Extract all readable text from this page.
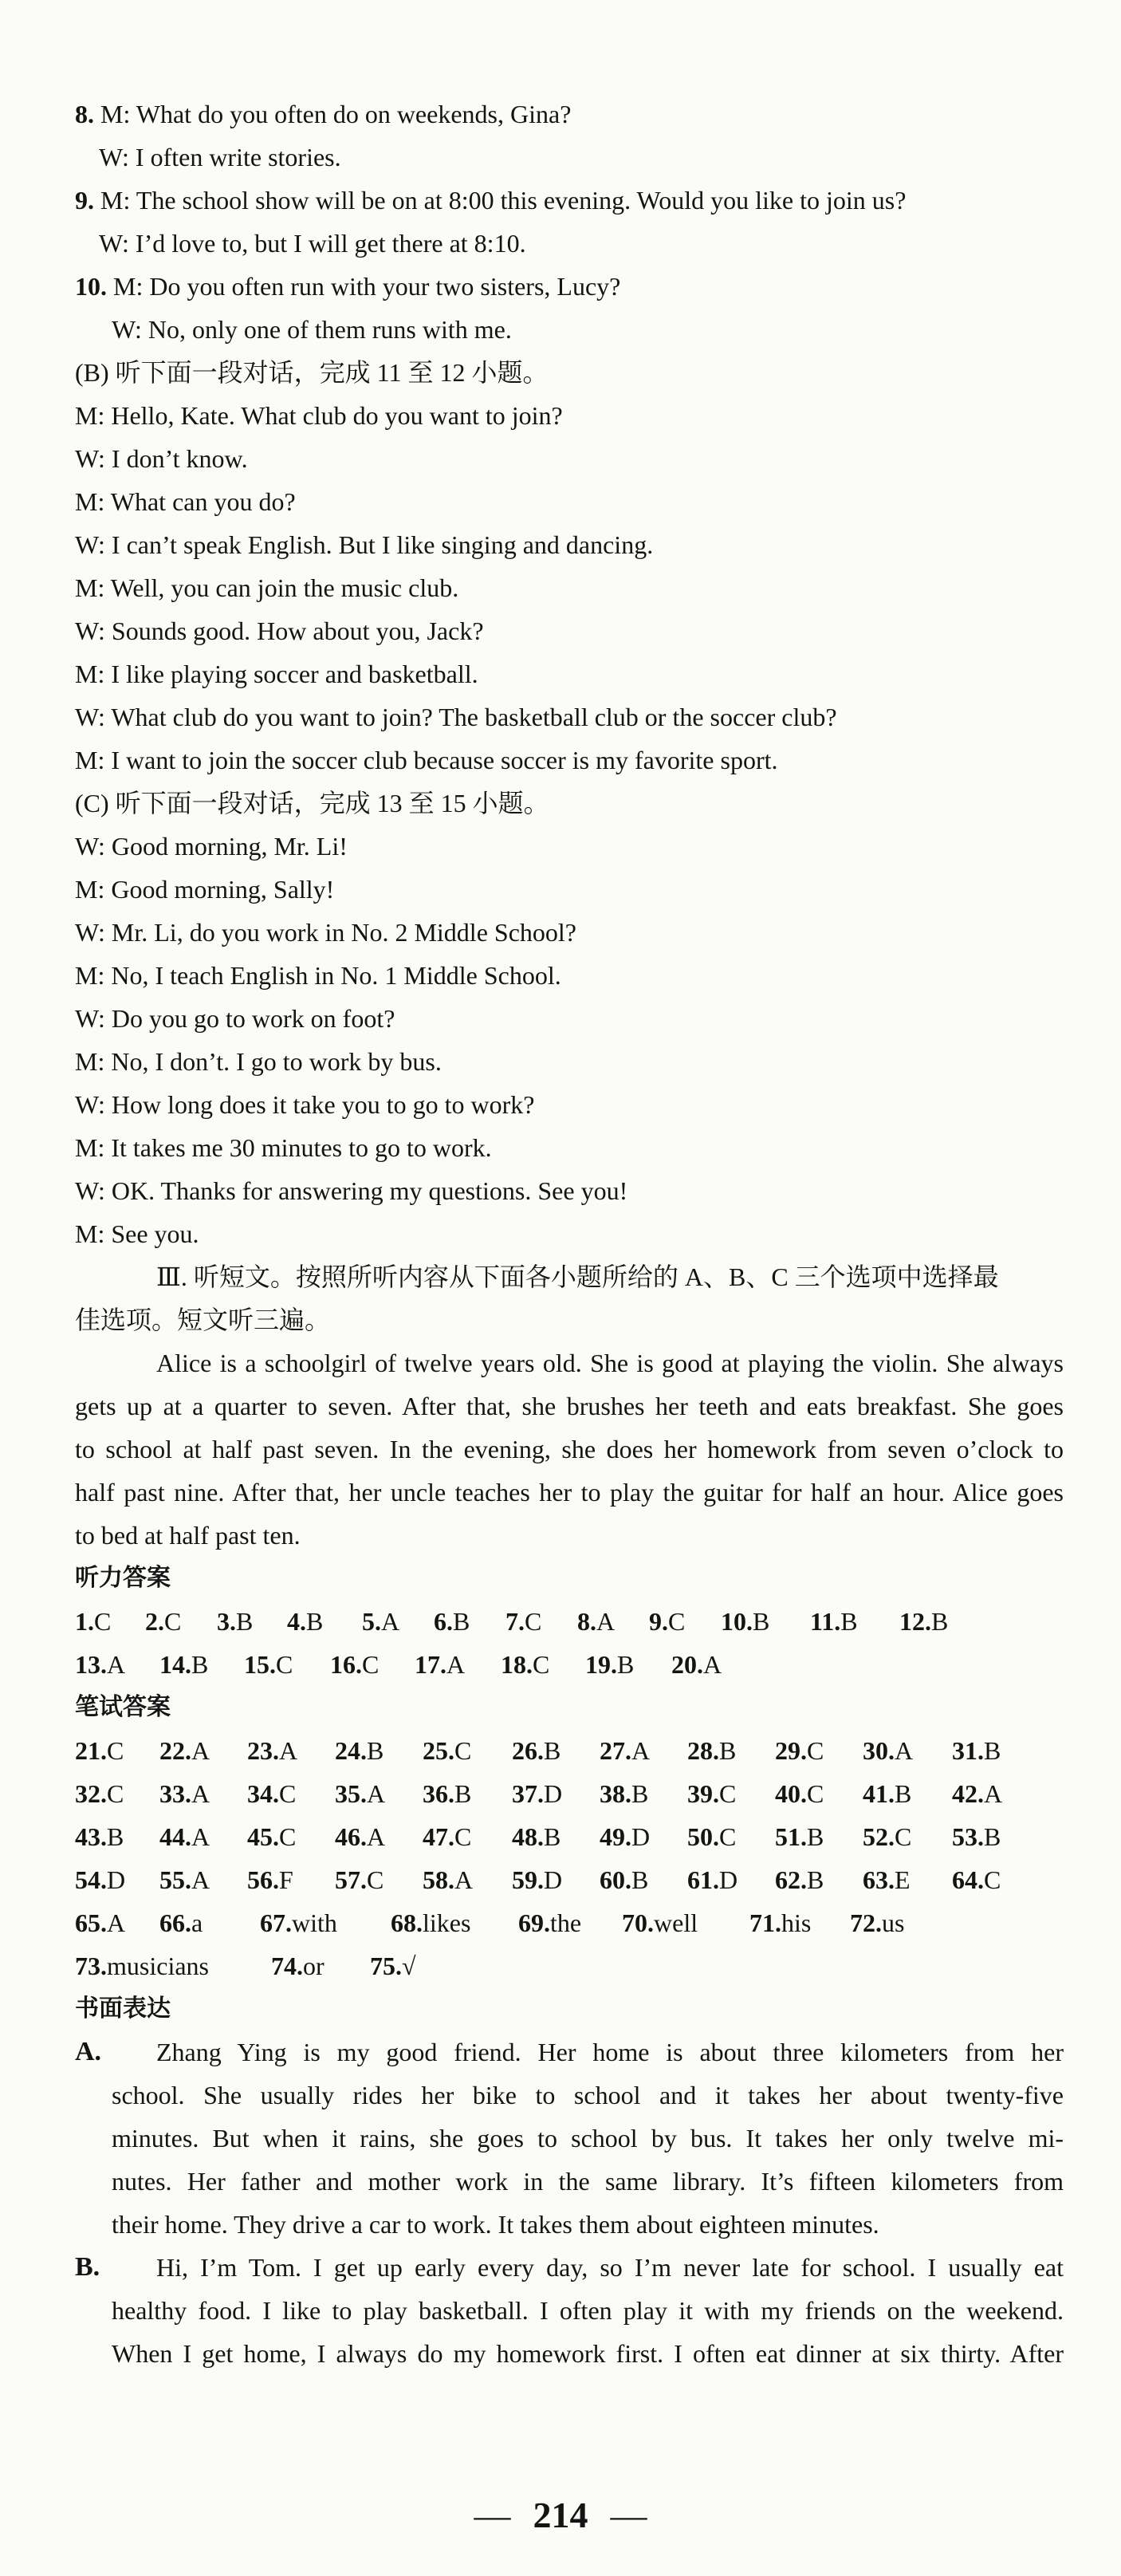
8. M: What do you often do on weekends, Gina?
W: I often write stories.
9. M: The school show will be on at 8:00 this evening. Would you like to join us?
W: I’d love to, but I will get there at 8:10.
10. M: Do you often run with your two sisters, Lucy?
W: No, only one of them runs with me.
(B) 听下面一段对话，完成 11 至 12 小题。
M: Hello, Kate. What club do you want to join?
W: I don’t know.
M: What can you do?
W: I can’t speak English. But I like singing and dancing.
M: Well, you can join the music club.
W: Sounds good. How about you, Jack?
M: I like playing soccer and basketball.
W: What club do you want to join? The basketball club or the soccer club?
M: I want to join the soccer club because soccer is my favorite sport.
(C) 听下面一段对话，完成 13 至 15 小题。
W: Good morning, Mr. Li!
M: Good morning, Sally!
W: Mr. Li, do you work in No. 2 Middle School?
M: No, I teach English in No. 1 Middle School.
W: Do you go to work on foot?
M: No, I don’t. I go to work by bus.
W: How long does it take you to go to work?
M: It takes me 30 minutes to go to work.
W: OK. Thanks for answering my questions. See you!
M: See you.
Ⅲ. 听短文。按照所听内容从下面各小题所给的 A、B、C 三个选项中选择最
佳选项。短文听三遍。
Alice is a schoolgirl of twelve years old. She is good at playing the violin. She always
gets up at a quarter to seven. After that, she brushes her teeth and eats breakfast. She goes
to school at half past seven. In the evening, she does her homework from seven o’clock to
half past nine. After that, her uncle teaches her to play the guitar for half an hour. Alice goes
to bed at half past ten.
听力答案
1.C 2.C 3.B 4.B 5.A 6.B 7.C 8.A 9.C 10.B 11.B 12.B
13.A 14.B 15.C 16.C 17.A 18.C 19.B 20.A
笔试答案
21.C 22.A 23.A 24.B 25.C 26.B 27.A 28.B 29.C 30.A 31.B
32.C 33.A 34.C 35.A 36.B 37.D 38.B 39.C 40.C 41.B 42.A
43.B 44.A 45.C 46.A 47.C 48.B 49.D 50.C 51.B 52.C 53.B
54.D 55.A 56.F 57.C 58.A 59.D 60.B 61.D 62.B 63.E 64.C
65.A 66.a 67.with 68.likes 69.the 70.well 71.his 72.us
73.musicians 74.or 75.√
书面表达
A. Zhang Ying is my good friend. Her home is about three kilometers from her
school. She usually rides her bike to school and it takes her about twenty-five
minutes. But when it rains, she goes to school by bus. It takes her only twelve mi-
nutes. Her father and mother work in the same library. It’s fifteen kilometers from
their home. They drive a car to work. It takes them about eighteen minutes.
B. Hi, I’m Tom. I get up early every day, so I’m never late for school. I usually eat
healthy food. I like to play basketball. I often play it with my friends on the weekend.
When I get home, I always do my homework first. I often eat dinner at six thirty. After
— 214 —
